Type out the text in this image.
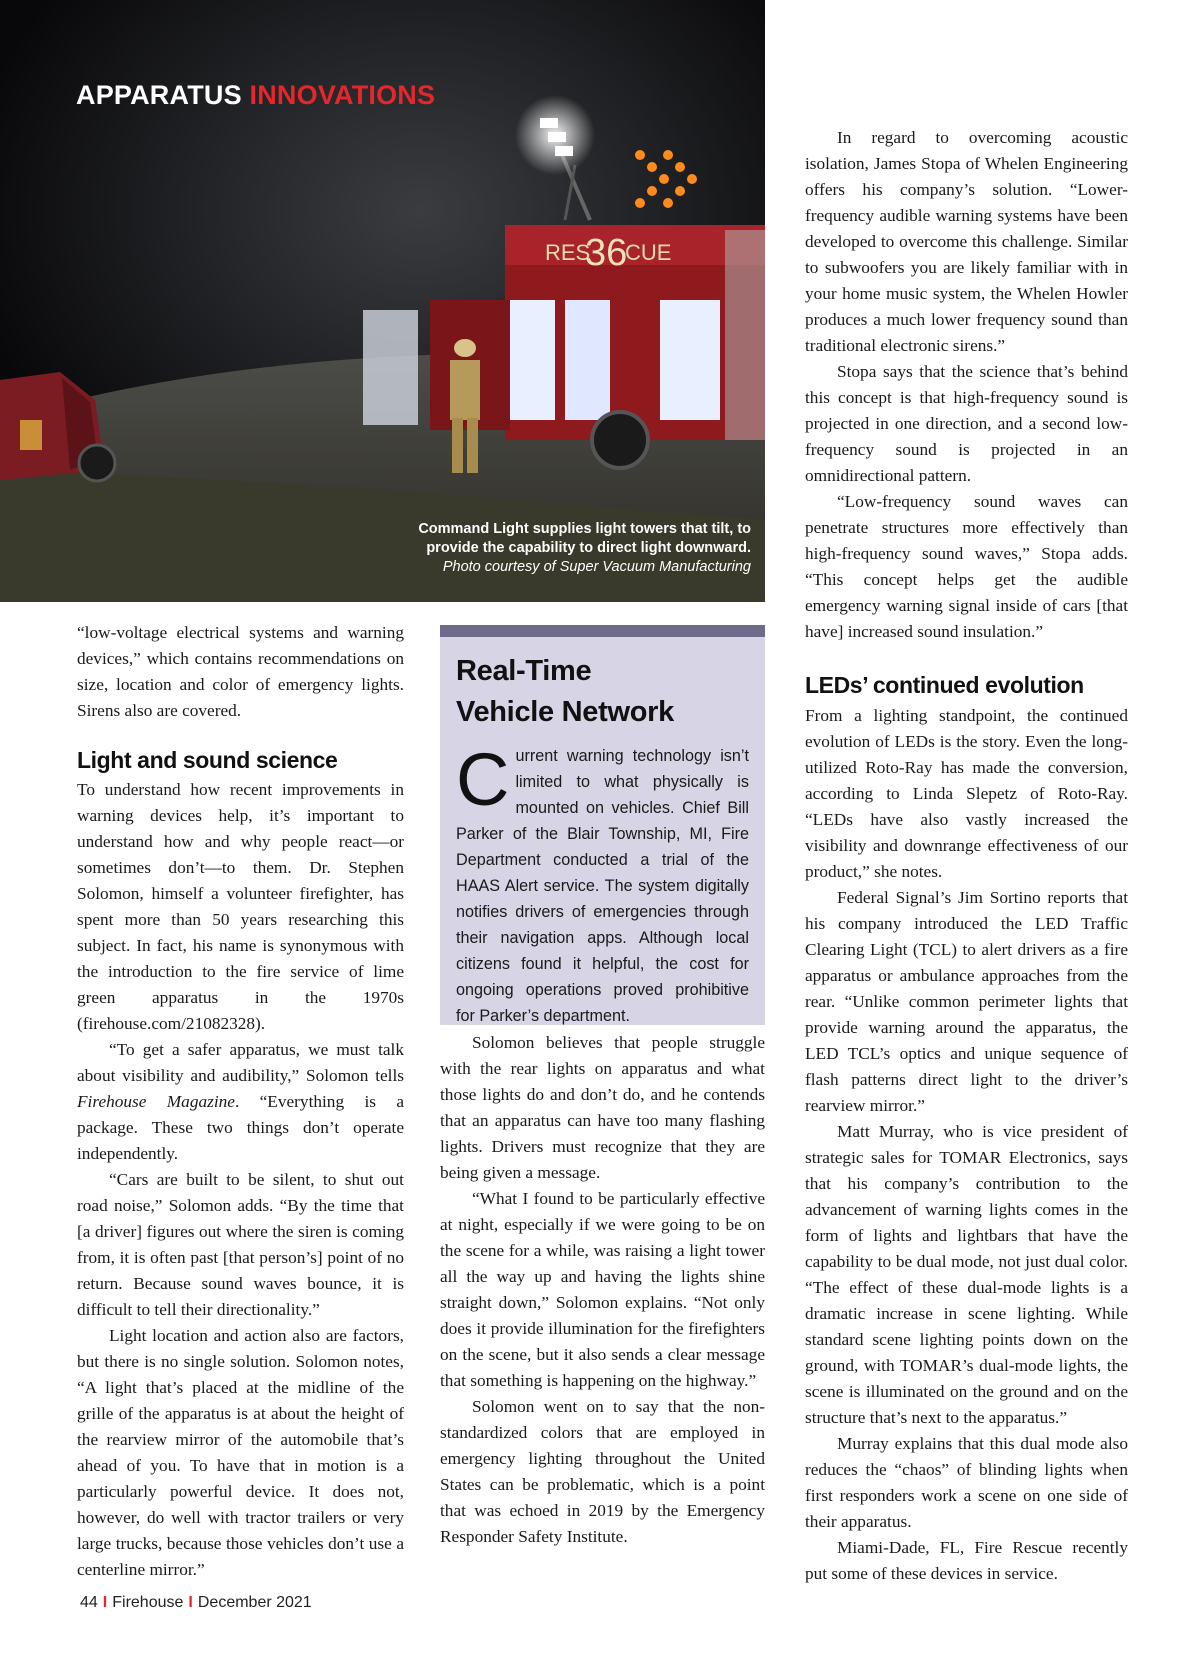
RES
36
CUE
APPARATUS INNOVATIONS
Command Light supplies light towers that tilt, to
provide the capability to direct light downward.
Photo courtesy of Super Vacuum Manufacturing

“low-voltage electrical systems and warning devices,” which contains recommendations on size, location and color of emergency lights. Sirens also are covered.

Light and sound science

To understand how recent improvements in warning devices help, it’s important to understand how and why people react—or sometimes don’t—to them. Dr. Stephen Solomon, himself a volunteer firefighter, has spent more than 50 years researching this subject. In fact, his name is synonymous with the introduction to the fire service of lime green apparatus in the 1970s (firehouse.com/21082328).

“To get a safer apparatus, we must talk about visibility and audibility,” Solomon tells Firehouse Magazine. “Everything is a package. These two things don’t operate independently.

“Cars are built to be silent, to shut out road noise,” Solomon adds. “By the time that [a driver] figures out where the siren is coming from, it is often past [that person’s] point of no return. Because sound waves bounce, it is difficult to tell their directionality.”

Light location and action also are factors, but there is no single solution. Solomon notes, “A light that’s placed at the midline of the grille of the apparatus is at about the height of the rearview mirror of the automobile that’s ahead of you. To have that in motion is a particularly powerful device. It does not, however, do well with tractor trailers or very large trucks, because those vehicles don’t use a centerline mirror.”

Real-Time
Vehicle Network

Current warning technology isn’t limited to what physically is mounted on vehicles. Chief Bill Parker of the Blair Township, MI, Fire Department conducted a trial of the HAAS Alert service. The system digitally notifies drivers of emergencies through their navigation apps. Although local citizens found it helpful, the cost for ongoing operations proved prohibitive for Parker’s department.

Solomon believes that people struggle with the rear lights on apparatus and what those lights do and don’t do, and he contends that an apparatus can have too many flashing lights. Drivers must recognize that they are being given a message.

“What I found to be particularly effective at night, especially if we were going to be on the scene for a while, was raising a light tower all the way up and having the lights shine straight down,” Solomon explains. “Not only does it provide illumination for the firefighters on the scene, but it also sends a clear message that something is happening on the highway.”

Solomon went on to say that the non-standardized colors that are employed in emergency lighting throughout the United States can be problematic, which is a point that was echoed in 2019 by the Emergency Responder Safety Institute.

In regard to overcoming acoustic isolation, James Stopa of Whelen Engineering offers his company’s solution. “Lower-frequency audible warning systems have been developed to overcome this challenge. Similar to subwoofers you are likely familiar with in your home music system, the Whelen Howler produces a much lower frequency sound than traditional electronic sirens.”

Stopa says that the science that’s behind this concept is that high-frequency sound is projected in one direction, and a second low-frequency sound is projected in an omnidirectional pattern.

“Low-frequency sound waves can penetrate structures more effectively than high-frequency sound waves,” Stopa adds. “This concept helps get the audible emergency warning signal inside of cars [that have] increased sound insulation.”

LEDs’ continued evolution

From a lighting standpoint, the continued evolution of LEDs is the story. Even the long-utilized Roto-Ray has made the conversion, according to Linda Slepetz of Roto-Ray. “LEDs have also vastly increased the visibility and downrange effectiveness of our product,” she notes.

Federal Signal’s Jim Sortino reports that his company introduced the LED Traffic Clearing Light (TCL) to alert drivers as a fire apparatus or ambulance approaches from the rear. “Unlike common perimeter lights that provide warning around the apparatus, the LED TCL’s optics and unique sequence of flash patterns direct light to the driver’s rearview mirror.”

Matt Murray, who is vice president of strategic sales for TOMAR Electronics, says that his company’s contribution to the advancement of warning lights comes in the form of lights and lightbars that have the capability to be dual mode, not just dual color. “The effect of these dual-mode lights is a dramatic increase in scene lighting. While standard scene lighting points down on the ground, with TOMAR’s dual-mode lights, the scene is illuminated on the ground and on the structure that’s next to the apparatus.”

Murray explains that this dual mode also reduces the “chaos” of blinding lights when first responders work a scene on one side of their apparatus.

Miami-Dade, FL, Fire Rescue recently put some of these devices in service.

44 I Firehouse I December 2021
